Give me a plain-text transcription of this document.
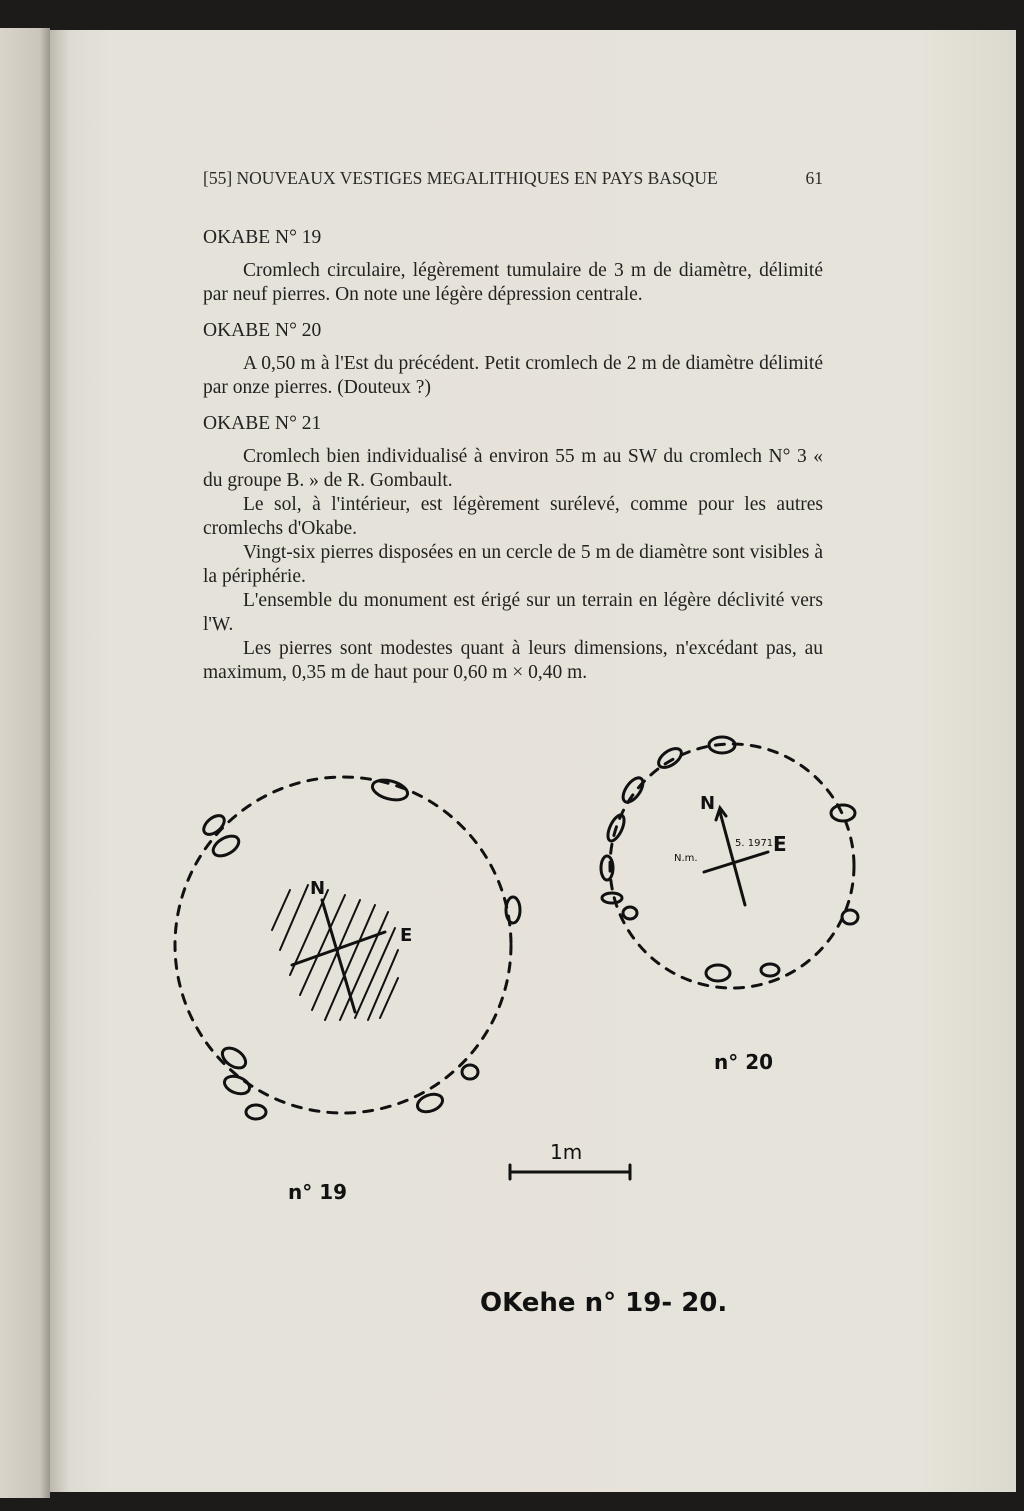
[55] NOUVEAUX VESTIGES MEGALITHIQUES EN PAYS BASQUE	61
OKABE N° 19

Cromlech circulaire, légèrement tumulaire de 3 m de diamètre, délimité par neuf pierres. On note une légère dépression centrale.

OKABE N° 20

A 0,50 m à l'Est du précédent. Petit cromlech de 2 m de diamètre délimité par onze pierres. (Douteux ?)

OKABE N° 21

Cromlech bien individualisé à environ 55 m au SW du cromlech N° 3 « du groupe B. » de R. Gombault.

Le sol, à l'intérieur, est légèrement surélevé, comme pour les autres cromlechs d'Okabe.

Vingt-six pierres disposées en un cercle de 5 m de diamètre sont visibles à la périphérie.

L'ensemble du monument est érigé sur un terrain en légère déclivité vers l'W.

Les pierres sont modestes quant à leurs dimensions, n'excédant pas, au maximum, 0,35 m de haut pour 0,60 m × 0,40 m.

N
E
n° 19
N
E
N.m.
5. 1971
n° 20
1m
OKehe n° 19- 20.
